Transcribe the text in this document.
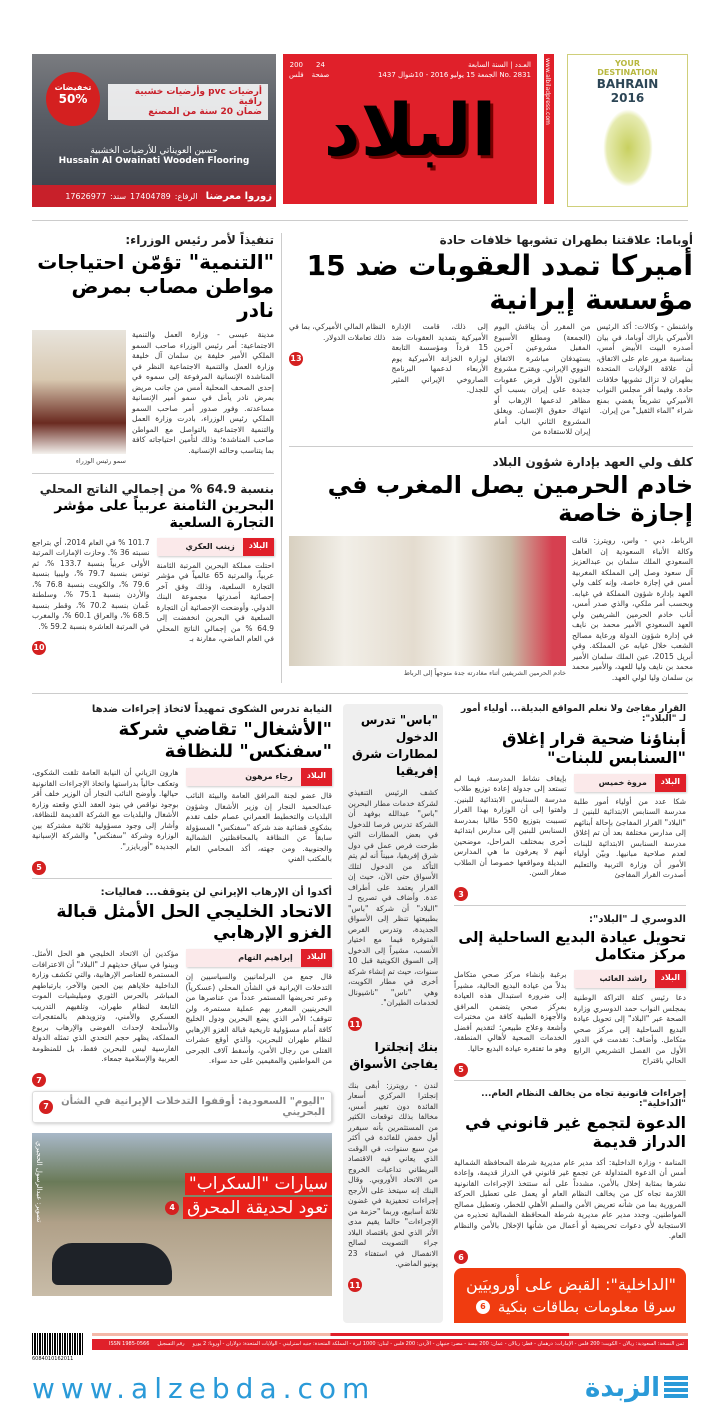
أرضيات pvc وأرضيات خشبية راقية
ضمان 20 سنة من المصنع
تخفيضات
50%
حسين العويناتي للأرضيات الخشبية
Hussain Al Owainati Wooden Flooring
زوروا معرضنا
الرفاع:
17404789
سند:
17626977
العـدد | السنة السابعة
No. 2831 الجمعة 15 يوليو 2016 - 10شوال 1437
24
صفحة
200
فلس
البلاد	www.albiladpress.com	YOUR
DESTINATION
BAHRAIN
2016
تنفيذاً لأمر رئيس الوزراء:
"التنمية" تؤمّن احتياجات
مواطن مصاب بمرض نادر
مدينة عيسى - وزارة العمل والتنمية الاجتماعية: أمر رئيس الوزراء صاحب السمو الملكي الأمير خليفة بن سلمان آل خليفة وزارة العمل والتنمية الاجتماعية النظر في المناشدة الإنسانية المرفوعة إلى سموه في إحدى الصحف المحلية أمس من جانب مريض بمرض نادر يأمل في سمو أمير الإنسانية مساعدته. وفور صدور أمر صاحب السمو الملكي رئيس الوزراء، بادرت وزارة العمل والتنمية الاجتماعية بالتواصل مع المواطن صاحب المناشدة؛ وذلك لتأمين احتياجاته كافة بما يتناسب وحالته الإنسانية.
سمو رئيس الوزراء
بنسبة 64.9 % من إجمالي الناتج المحلي
البحرين الثامنة عربياً على مؤشر التجارة السلعية
البلاد
زينب العكري
احتلت مملكة البحرين المرتبة الثامنة عربياً، والمرتبة 65 عالمياً في مؤشر التجارة السلعية، وذلك وفق آخر إحصائية أصدرتها مجموعة البنك الدولي. وأوضحت الإحصائية أن التجارة السلعية في البحرين انخفضت إلى 64.9 % من إجمالي الناتج المحلي في العام الماضي، مقارنة بـ
101.7 % في العام 2014، أي بتراجع نسبته 36 %. وحازت الإمارات المرتبة الأولى عربياً بنسبة 133.7 %، ثم تونس بنسبة 79.7 %، وليبيا بنسبة 79.6 %، والكويت بنسبة 76.8 %، والأردن بنسبة 75.1 %، وسلطنة عُمان بنسبة 70.2 %، وقطر بنسبة 68.5 %، والعراق 60.1 %، والمغرب في المرتبة العاشرة بنسبة 59.2 %.
10
أوباما: علاقتنا بطهران تشوبها خلافات حادة
أميركا تمدد العقوبات ضد 15 مؤسسة إيرانية
واشنطن - وكالات: أكد الرئيس الأميركي باراك أوباما، في بيان أصدره البيت الأبيض أمس، بمناسبة مرور عام على الاتفاق، أن علاقة الولايات المتحدة بطهران لا تزال تشوبها خلافات حادة. وفيما أقر مجلس النواب الأميركي تشريعاً يقضي بمنع شراء "الماء الثقيل" من إيران.
من المقرر أن يناقش اليوم (الجمعة) ومطلع الأسبوع المقبل مشروعين آخرين يستهدفان مباشرة الاتفاق النووي الإيراني. ويقترح مشروع القانون الأول فرض عقوبات جديدة على إيران بسبب أي مظاهر لدعمها الإرهاب أو انتهاك حقوق الإنسان. ويغلق المشروع الثاني الباب أمام إيران للاستفادة من
إلى ذلك، قامت الإدارة الأميركية بتمديد العقوبات ضد 15 فرداً ومؤسسة التابعة لوزارة الخزانة الأميركية يوم الأربعاء لدعمها البرنامج الصاروخي الإيراني المثير للجدل.
النظام المالي الأميركي، بما في ذلك تعاملات الدولار.
13
كلف ولي العهد بإدارة شؤون البلاد
خادم الحرمين يصل المغرب في إجازة خاصة
الرباط، دبي - واس، رويترز: قالت وكالة الأنباء السعودية إن العاهل السعودي الملك سلمان بن عبدالعزيز آل سعود وصل إلى المملكة المغربية أمس في إجازة خاصة، وإنه كلف ولي العهد بإدارة شؤون المملكة في غيابه. وبحسب أمر ملكي، والذي صدر أمس، أناب خادم الحرمين الشريفين ولي العهد السعودي الأمير محمد بن نايف في إدارة شؤون الدولة ورعاية مصالح الشعب خلال غيابه عن المملكة. وفي أبريل 2015، عين الملك سلمان الأمير محمد بن نايف وليا للعهد، والأمير محمد بن سلمان وليا لولي العهد.
خادم الحرمين الشريفين أثناء مغادرته جدة متوجهاً إلى الرباط
النيابة تدرس الشكوى تمهيداً لاتخاذ إجراءات ضدها
"الأشغال" تقاضي شركة "سفنكس" للنظافة
البلاد
رجاء مرهون
قال عضو لجنة المرافق العامة والبيئة النائب عبدالحميد النجار إن وزير الأشغال وشؤون البلديات والتخطيط العمراني عصام خلف تقدم بشكوى قضائية ضد شركة "سفنكس" المسؤولة سابقاً عن النظافة بالمحافظتين الشمالية والجنوبية. ومن جهته، أكد المحامي العام بالمكتب الفني
هارون الزياني أن النيابة العامة تلقت الشكوى، وتعكف حالياً بدراستها واتخاذ الإجراءات القانونية حيالها. وأوضح النائب النجار أن الوزير خلف أقر بوجود نواقص في بنود العقد الذي وقعته وزارة الأشغال والبلديات مع الشركة القديمة للنظافة، وأشار إلى وجود مسؤولية ثلاثية مشتركة بين الوزارة وشركة "سفنكس" والشركة الإسبانية الجديدة "أوربايزر".
5
أكدوا أن الإرهاب الإيراني لن يتوقف... فعاليات:
الاتحاد الخليجي الحل الأمثل قبالة الغزو الإرهابي
البلاد
إبراهيم النهام
قال جمع من البرلمانيين والسياسيين إن التدخلات الإيرانية في الشأن المحلي (عسكرياً) وعبر تحريضها المستمر عدداً من عناصرها من البحرينيين المغرر بهم عملية مستمرة، ولن تتوقف؛ الأمر الذي يضع البحرين ودول الخليج كافة أمام مسؤولية تاريخية قبالة الغزو الإرهابي لنظام طهران للبحرين، والذي أوقع عشرات القتلى من رجال الأمن، وأسقط آلاف الجرحى من المواطنين والمقيمين على حد سواء.
مؤكدين أن الاتحاد الخليجي هو الحل الأمثل. وبينوا في سياق حديثهم لـ "البلاد" أن الاعترافات المستمرة للعناصر الإرهابية، والتي تكشف وزارة الداخلية خلاياهم بين الحين والآخر، بارتباطهم المباشر بالحرس الثوري وميليشيات الموت التابعة لنظام طهران، وتلقيهم التدريب العسكري والأمني، وتزويدهم بالمتفجرات والأسلحة لإحداث الفوضى والإرهاب بربوع المملكة، يظهر حجم التحدي الذي تمثله الدولة الفارسية ليس للبحرين فقط، بل للمنظومة العربية والإسلامية جمعاء.
7
"اليوم" السعودية: أوقفوا التدخلات الإيرانية في الشأن البحريني
7
تصوير: عبدالرسول الحجيري	سيارات "السكراب"
4 تعود لحديقة المحرق
"باس" تدرس الدخول لمطارات شرق إفريقيا
كشف الرئيس التنفيذي لشركة خدمات مطار البحرين "باس" عبدالله بوفهد أن الشركة تدرس فرصا للدخول في بعض المطارات التي طرحت فرص عمل في دول شرق إفريقيا، مبيناً أنه لم يتم التأكد من الدخول لتلك الأسواق حتى الآن، حيث إن القرار يعتمد على أطراف عدة. وأضاف في تصريح لـ "البلاد" أن شركة "باس" بطبيعتها تنظر إلى الأسواق الجديدة، وتدرس الفرص المتوفرة فيما مع اختيار الأنسب، مشيراً إلى الدخول إلى السوق الكويتية قبل 10 سنوات، حيث تم إنشاء شركة أخرى في مطار الكويت، وهي "ناس" "ناشيونال لخدمات الطيران".
11
بنك إنجلترا يفاجئ الأسواق
لندن - رويترز: أبقى بنك إنجلترا المركزي أسعار الفائدة دون تغيير أمس، مخالفا بذلك توقعات الكثير من المستثمرين بأنه سيقرر أول خفض للفائدة في أكثر من سبع سنوات، في الوقت الذي يعاني فيه الاقتصاد البريطاني تداعيات الخروج من الاتحاد الأوروبي. وقال البنك إنه سيتخذ على الأرجح إجراءات تحفيزية في غضون ثلاثة أسابيع، وربما "حزمة من الإجراءات" حالما يقيم مدى الأثر الذي لحق باقتصاد البلاد جراء التصويت لصالح الانفصال في استفتاء 23 يونيو الماضي.
11
القرار مفاجئ ولا نعلم المواقع البديلة... أولياء أمور لـ "البلاد":
أبناؤنا ضحية قرار إغلاق "السنابس للبنات"
البلاد
مروة خميس
شكا عدد من أولياء أمور طلبة مدرسة السنابس الابتدائية للبنين لـ "البلاد" القرار المفاجئ بإحالة أبنائهم إلى مدارس مختلفة بعد أن تم إغلاق مدرسة السنابس الابتدائية للبنات لعدم صلاحية مبانيها. وبيّن أولياء الأمور أن وزارة التربية والتعليم أصدرت القرار المفاجئ
بإيقاف نشاط المدرسة، فيما لم تستعد إلى جدولة إعادة توزيع طلاب مدرسة السنابس الابتدائية للبنين. ولفتوا إلى أن الوزارة بهذا القرار تسببت بتوزيع 550 طالبا بمدرسة السنابس للبنين إلى مدارس ابتدائية أخرى بمختلف المراحل، موضحين أنهم لا يعرفون ما هي المدارس البديلة ومواقعها خصوصا أن الطلاب صغار السن.
3
الدوسري لـ "البلاد":
تحويل عيادة البديع الساحلية إلى مركز متكامل
البلاد
راشد الغائب
دعا رئيس كتلة التراكة الوطنية بمجلس النواب حمد الدوسري وزارة الصحة عبر "البلاد" إلى تحويل عيادة البديع الساحلية إلى مركز صحي متكامل. وأضاف: تقدمت في الدور الأول من الفصل التشريعي الرابع الحالي باقتراح
برغبة بإنشاء مركز صحي متكامل بدلاً من عيادة البديع الحالية، مشيراً إلى ضرورة استبدال هذه العيادة بمركز صحي يتضمن المرافق والأجهزة الطبية كافة من مختبرات وأشعة وعلاج طبيعي؛ لتقديم أفضل الخدمات الصحية لأهالي المنطقة، وهو ما تفتقره عيادة البديع حاليا.
5
إجراءات قانونية تجاه من يخالف النظام العام... "الداخلية":
الدعوة لتجمع غير قانوني في الدراز قديمة
المنامة - وزارة الداخلية: أكد مدير عام مديرية شرطة المحافظة الشمالية أمس أن الدعوة المتداولة عن تجمع غير قانوني في الدراز قديمة، وإعادة نشرها بمثابة إخلال بالأمن، مشدداً على أنه ستتخذ الإجراءات القانونية اللازمة تجاه كل من يخالف النظام العام أو يعمل على تعطيل الحركة المرورية بما من شأنه تعريض الأمن والسلم الأهلي للخطر، وتعطيل مصالح المواطنين. وجدد مدير عام مديرية شرطة المحافظة الشمالية تحذيره من الاستجابة لأي دعوات تحريضية أو أعمال من شأنها الإخلال بالأمن والنظام العام.
6
"الداخلية": القبض على أوروبيَين
سرقا معلومات بطاقات بنكية
6
6084010162011
ثمن النسخة: السعودية: ريالان - الكويت: 200 فلس - الإمارات: درهمان - قطر: ريالان - عمان: 200 بيسة - مصر: جنيهان - الأردن: 200 فلس - لبنان: 1000 ليرة - المملكة المتحدة: جنيه استرليني - الولايات المتحدة: دولاران - أوروبا: 2 يورو
رقم التسجيل
ISSN 1985-0566
www.alzebda.com	الزبدة
